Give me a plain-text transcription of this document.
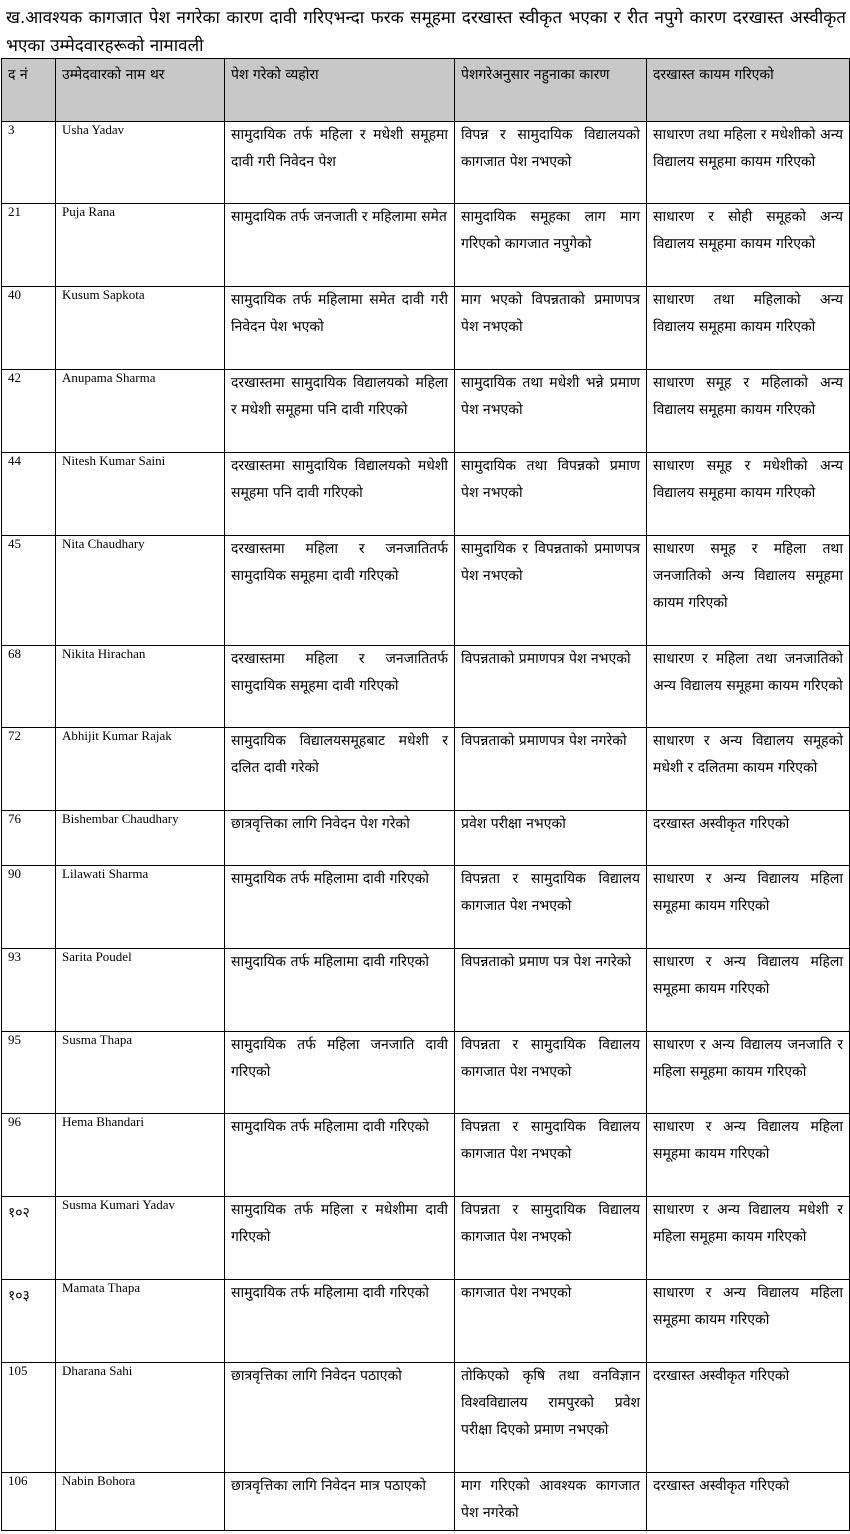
ख.आवश्यक कागजात पेश नगरेका कारण दावी गरिएभन्दा फरक समूहमा दरखास्त स्वीकृत भएका र रीत नपुगे कारण दरखास्त अस्वीकृत भएका उम्मेदवारहरूको नामावली
द नं	उम्मेदवारको नाम थर	पेश गरेको व्यहोरा	पेशगरेअनुसार नहुनाका कारण	दरखास्त कायम गरिएको
3	Usha Yadav	सामुदायिक तर्फ महिला र मधेशी समूहमा दावी गरी निवेदन पेश	विपन्न र सामुदायिक विद्यालयको कागजात पेश नभएको	साधारण तथा महिला र मधेशीको अन्य विद्यालय समूहमा कायम गरिएको
21	Puja Rana	सामुदायिक तर्फ जनजाती र महिलामा समेत	सामुदायिक समूहका लाग माग गरिएको कागजात नपुगेको	साधारण र सोही समूहको अन्य विद्यालय समूहमा कायम गरिएको
40	Kusum Sapkota	सामुदायिक तर्फ महिलामा समेत दावी गरी निवेदन पेश भएको	माग भएको विपन्नताको प्रमाणपत्र पेश नभएको	साधारण तथा महिलाको अन्य विद्यालय समूहमा कायम गरिएको
42	Anupama Sharma	दरखास्तमा सामुदायिक विद्यालयको महिला र मधेशी समूहमा पनि दावी गरिएको	सामुदायिक तथा मधेशी भन्ने प्रमाण पेश नभएको	साधारण समूह र महिलाको अन्य विद्यालय समूहमा कायम गरिएको
44	Nitesh Kumar Saini	दरखास्तमा सामुदायिक विद्यालयको मधेशी समूहमा पनि दावी गरिएको	सामुदायिक तथा विपन्नको प्रमाण पेश नभएको	साधारण समूह र मधेशीको अन्य विद्यालय समूहमा कायम गरिएको
45	Nita Chaudhary	दरखास्तमा महिला र जनजातितर्फ सामुदायिक समूहमा दावी गरिएको	सामुदायिक र विपन्नताको प्रमाणपत्र पेश नभएको	साधारण समूह र महिला तथा जनजातिको अन्य विद्यालय समूहमा कायम गरिएको
68	Nikita Hirachan	दरखास्तमा महिला र जनजातितर्फ सामुदायिक समूहमा दावी गरिएको	विपन्नताको प्रमाणपत्र पेश नभएको	साधारण र महिला तथा जनजातिको अन्य विद्यालय समूहमा कायम गरिएको
72	Abhijit Kumar Rajak	सामुदायिक विद्यालयसमूहबाट मधेशी र दलित दावी गरेको	विपन्नताको प्रमाणपत्र पेश नगरेको	साधारण र अन्य विद्यालय समूहको मधेशी र दलितमा कायम गरिएको
76	Bishembar Chaudhary	छात्रवृत्तिका लागि निवेदन पेश गरेको	प्रवेश परीक्षा नभएको	दरखास्त अस्वीकृत गरिएको
90	Lilawati Sharma	सामुदायिक तर्फ महिलामा दावी गरिएको	विपन्नता र सामुदायिक विद्यालय कागजात पेश नभएको	साधारण र अन्य विद्यालय महिला समूहमा कायम गरिएको
93	Sarita Poudel	सामुदायिक तर्फ महिलामा दावी गरिएको	विपन्नताको प्रमाण पत्र पेश नगरेको	साधारण र अन्य विद्यालय महिला समूहमा कायम गरिएको
95	Susma Thapa	सामुदायिक तर्फ महिला जनजाति दावी गरिएको	विपन्नता र सामुदायिक विद्यालय कागजात पेश नभएको	साधारण र अन्य विद्यालय जनजाति र महिला समूहमा कायम गरिएको
96	Hema Bhandari	सामुदायिक तर्फ महिलामा दावी गरिएको	विपन्नता र सामुदायिक विद्यालय कागजात पेश नभएको	साधारण र अन्य विद्यालय महिला समूहमा कायम गरिएको
१०२	Susma Kumari Yadav	सामुदायिक तर्फ महिला र मधेशीमा दावी गरिएको	विपन्नता र सामुदायिक विद्यालय कागजात पेश नभएको	साधारण र अन्य विद्यालय मधेशी र महिला समूहमा कायम गरिएको
१०३	Mamata Thapa	सामुदायिक तर्फ महिलामा दावी गरिएको	कागजात पेश नभएको	साधारण र अन्य विद्यालय महिला समूहमा कायम गरिएको
105	Dharana Sahi	छात्रवृत्तिका लागि निवेदन पठाएको	तोकिएको कृषि तथा वनविज्ञान विश्वविद्यालय रामपुरको प्रवेश परीक्षा दिएको प्रमाण नभएको	दरखास्त अस्वीकृत गरिएको
106	Nabin Bohora	छात्रवृत्तिका लागि निवेदन मात्र पठाएको	माग गरिएको आवश्यक कागजात पेश नगरेको	दरखास्त अस्वीकृत गरिएको
